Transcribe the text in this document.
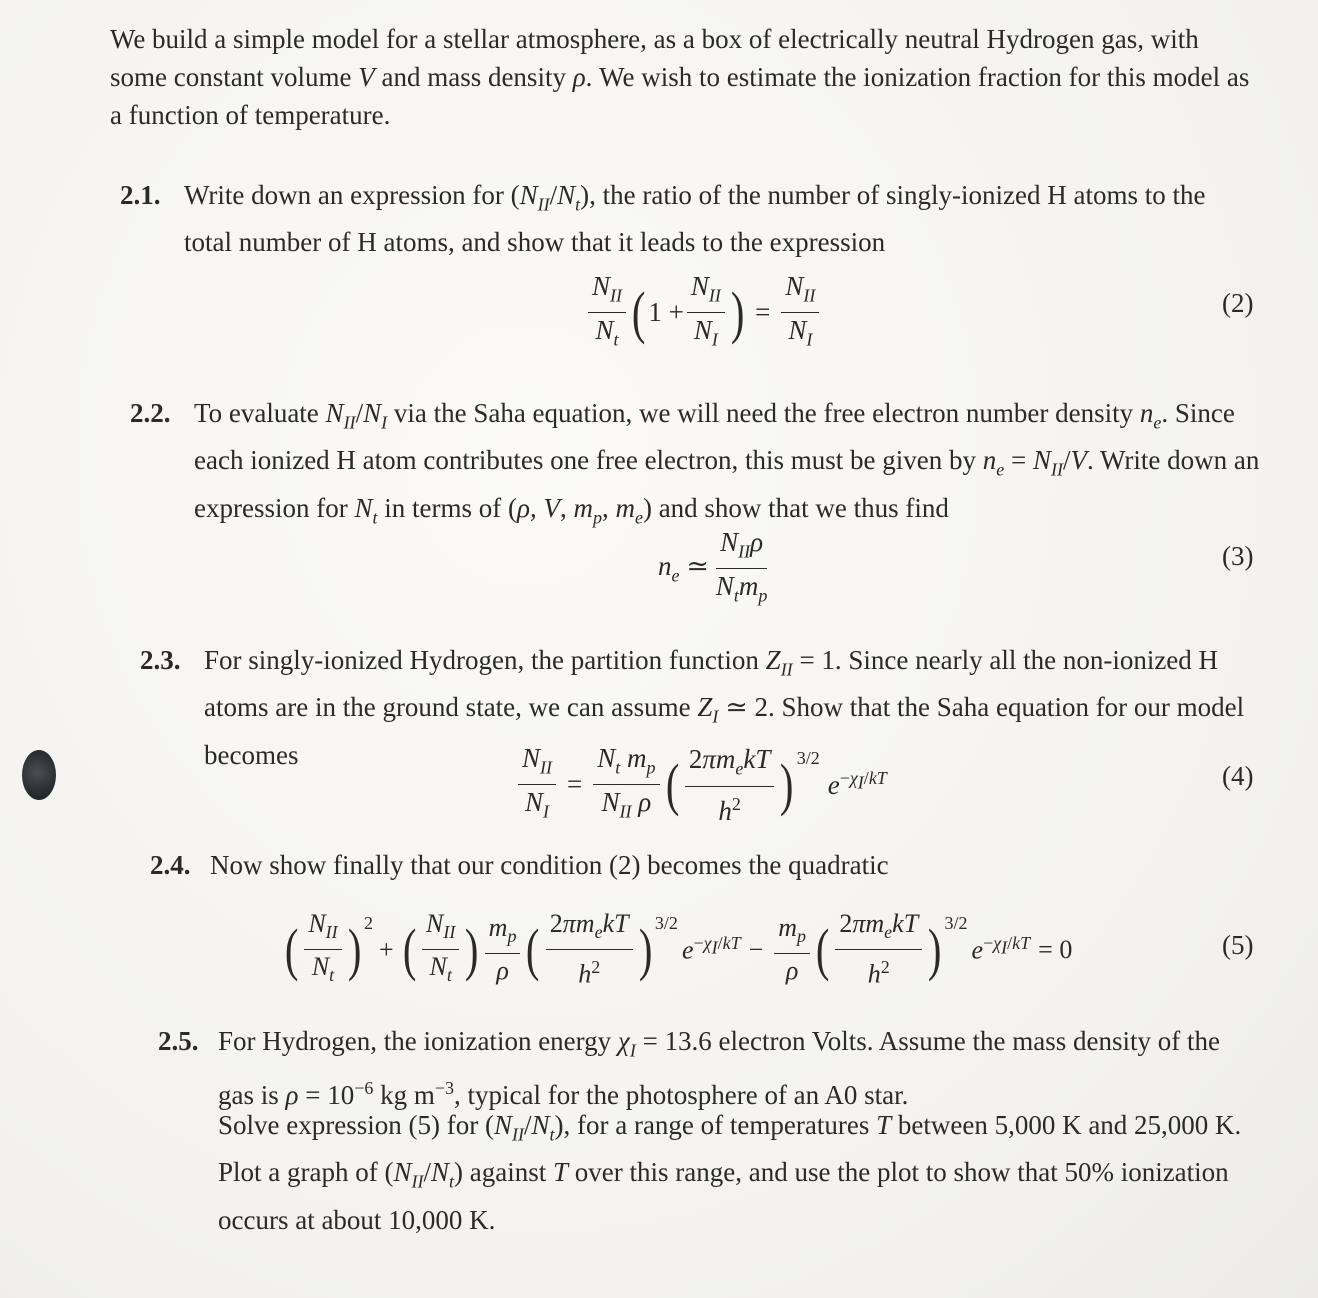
We build a simple model for a stellar atmosphere, as a box of electrically neutral Hydrogen gas, with some constant volume V and mass density ρ. We wish to estimate the ionization fraction for this model as a function of temperature.
2.1. Write down an expression for $(N_{II}/N_t)$, the ratio of the number of singly-ionized H atoms to the total number of H atoms, and show that it leads to the expression
$\frac{N_{II}}{N_t}$ ( $1 + \frac{N_{II}}{N_I}$ ) = $\frac{N_{II}}{N_I}$	(2)
2.2. To evaluate $N_{II}/N_I$ via the Saha equation, we will need the free electron number density $n_e$. Since each ionized H atom contributes one free electron, this must be given by $n_e = N_{II}/V$. Write down an expression for $N_t$ in terms of (ρ, V, $m_p$, $m_e$) and show that we thus find
$n_e$ ≃ $\frac{N_{II}\rho}{N_tm_p}$	(3)
2.3. For singly-ionized Hydrogen, the partition function $Z_{II} = 1$. Since nearly all the non-ionized H atoms are in the ground state, we can assume $Z_I$ ≃ 2. Show that the Saha equation for our model becomes	$\frac{N_{II}}{N_I} = \frac{N_t m_p}{N_{II} \rho}$ ( $\frac{2\pi m_ekT}{h^2} )^{3/2}$
$e^{-\chi_I/kT}$	(4)
2.4. Now show finally that our condition (2) becomes the quadratic
( $\frac{N_{II}}{N_t} )^2$
+ ( $\frac{N_{II}}{N_t}$ ) $\frac{m_p}{\rho}$ ( $\frac{2\pi m_ekT}{h^2} )^{3/2}$
$e^{-\chi_I/kT} - \frac{m_p}{\rho}$ ( $\frac{2\pi m_ekT}{h^2} )^{3/2}$
$e^{-\chi_I/kT} = 0$	(5)
2.5. For Hydrogen, the ionization energy $\chi_I = 13.6$ electron Volts. Assume the mass density of the gas is $\rho = 10^{-6}$ kg $m^{-3}$, typical for the photosphere of an A0 star.
Solve expression (5) for $(N_{II}/N_t)$, for a range of temperatures T between 5,000 K and 25,000 K. Plot a graph of $(N_{II}/N_t)$ against T over this range, and use the plot to show that 50% ionization occurs at about 10,000 K.
